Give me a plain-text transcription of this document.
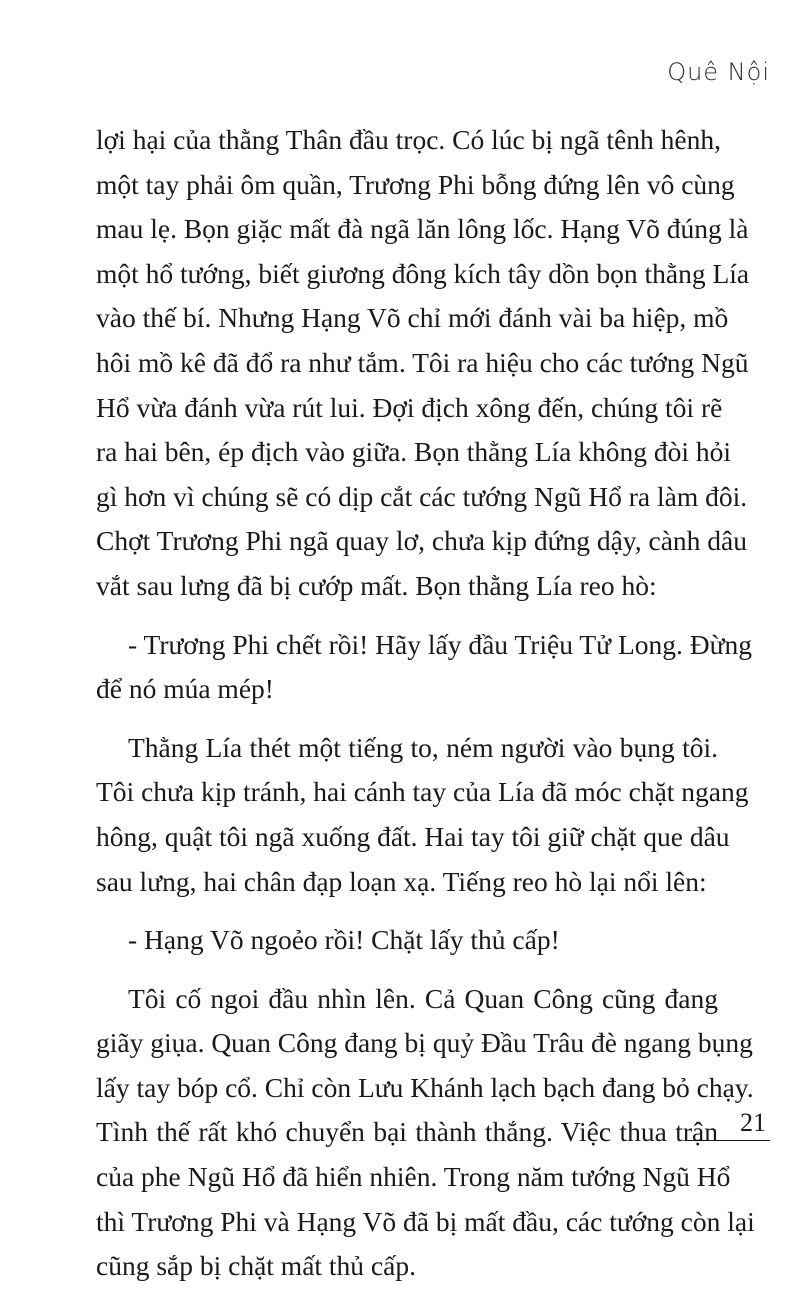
Quê Nội
lợi hại của thằng Thân đầu trọc. Có lúc bị ngã tênh hênh,
một tay phải ôm quần, Trương Phi bỗng đứng lên vô cùng
mau lẹ. Bọn giặc mất đà ngã lăn lông lốc. Hạng Võ đúng là
một hổ tướng, biết giương đông kích tây dồn bọn thằng Lía
vào thế bí. Nhưng Hạng Võ chỉ mới đánh vài ba hiệp, mồ
hôi mồ kê đã đổ ra như tắm. Tôi ra hiệu cho các tướng Ngũ
Hổ vừa đánh vừa rút lui. Đợi địch xông đến, chúng tôi rẽ
ra hai bên, ép địch vào giữa. Bọn thằng Lía không đòi hỏi
gì hơn vì chúng sẽ có dịp cắt các tướng Ngũ Hổ ra làm đôi.
Chợt Trương Phi ngã quay lơ, chưa kịp đứng dậy, cành dâu
vắt sau lưng đã bị cướp mất. Bọn thằng Lía reo hò:
- Trương Phi chết rồi! Hãy lấy đầu Triệu Tử Long. Đừng
để nó múa mép!
Thằng Lía thét một tiếng to, ném người vào bụng tôi.
Tôi chưa kịp tránh, hai cánh tay của Lía đã móc chặt ngang
hông, quật tôi ngã xuống đất. Hai tay tôi giữ chặt que dâu
sau lưng, hai chân đạp loạn xạ. Tiếng reo hò lại nổi lên:
- Hạng Võ ngoẻo rồi! Chặt lấy thủ cấp!
Tôi cố ngoi đầu nhìn lên. Cả Quan Công cũng đang
giãy giụa. Quan Công đang bị quỷ Đầu Trâu đè ngang bụng
lấy tay bóp cổ. Chỉ còn Lưu Khánh lạch bạch đang bỏ chạy.
Tình thế rất khó chuyển bại thành thắng. Việc thua trận
của phe Ngũ Hổ đã hiển nhiên. Trong năm tướng Ngũ Hổ
thì Trương Phi và Hạng Võ đã bị mất đầu, các tướng còn lại
cũng sắp bị chặt mất thủ cấp.
21
